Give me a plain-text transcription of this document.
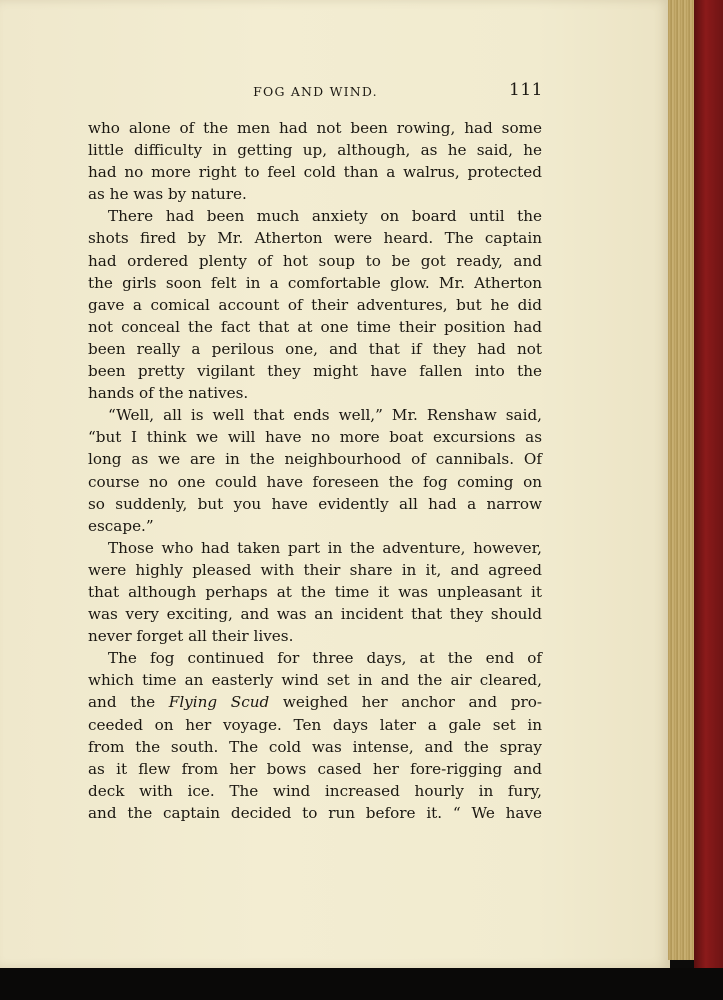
FOG AND WIND.	111

who alone of the men had not been rowing, had some
little difficulty in getting up, although, as he said, he
had no more right to feel cold than a walrus, protected
as he was by nature.

There had been much anxiety on board until the
shots fired by Mr. Atherton were heard. The captain
had ordered plenty of hot soup to be got ready, and
the girls soon felt in a comfortable glow. Mr. Atherton
gave a comical account of their adventures, but he did
not conceal the fact that at one time their position had
been really a perilous one, and that if they had not
been pretty vigilant they might have fallen into the
hands of the natives.

“Well, all is well that ends well,” Mr. Renshaw said,
“but I think we will have no more boat excursions as
long as we are in the neighbourhood of cannibals. Of
course no one could have foreseen the fog coming on
so suddenly, but you have evidently all had a narrow
escape.”

Those who had taken part in the adventure, however,
were highly pleased with their share in it, and agreed
that although perhaps at the time it was unpleasant it
was very exciting, and was an incident that they should
never forget all their lives.

The fog continued for three days, at the end of
which time an easterly wind set in and the air cleared,
and the Flying Scud weighed her anchor and pro-
ceeded on her voyage. Ten days later a gale set in
from the south. The cold was intense, and the spray
as it flew from her bows cased her fore-rigging and
deck with ice. The wind increased hourly in fury,
and the captain decided to run before it. “ We have
